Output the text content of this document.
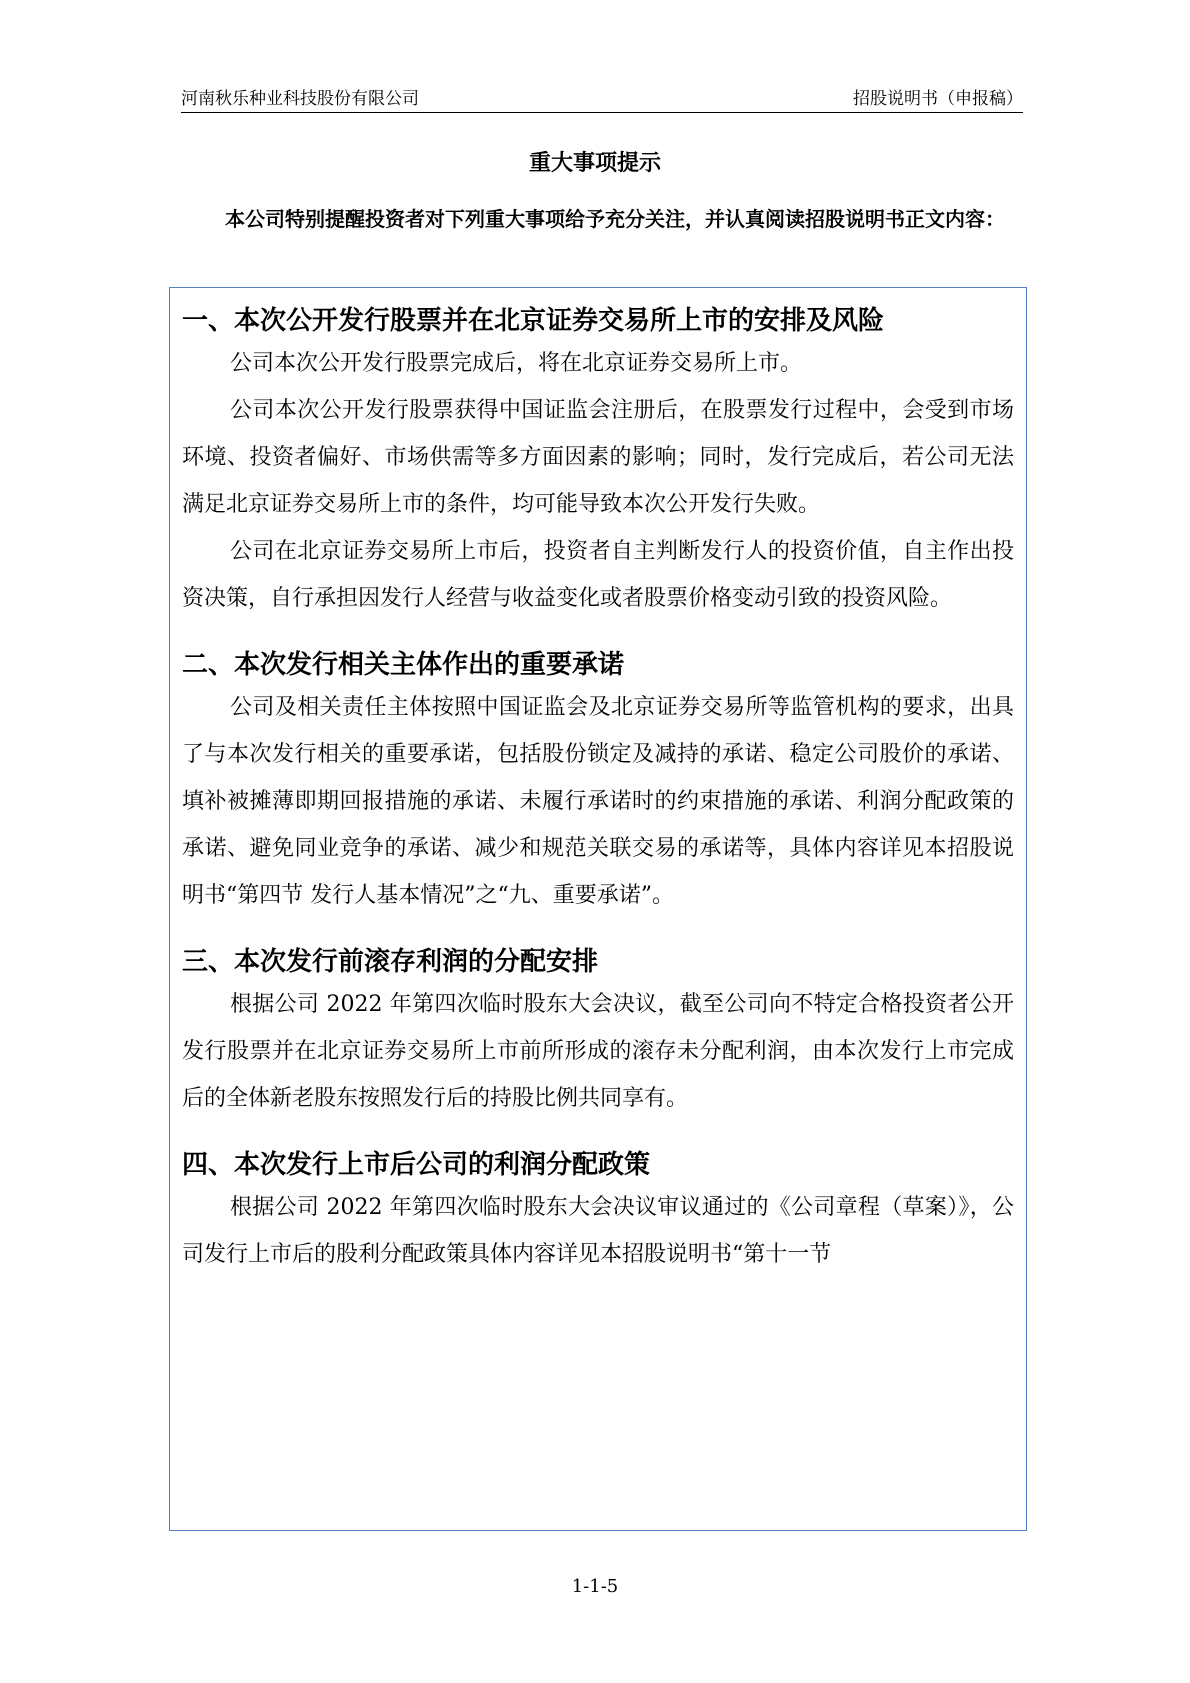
河南秋乐种业科技股份有限公司	招股说明书（申报稿）
重大事项提示
本公司特别提醒投资者对下列重大事项给予充分关注，并认真阅读招股说明书正文内容：
一、本次公开发行股票并在北京证券交易所上市的安排及风险

公司本次公开发行股票完成后，将在北京证券交易所上市。

公司本次公开发行股票获得中国证监会注册后，在股票发行过程中，会受到市场环境、投资者偏好、市场供需等多方面因素的影响；同时，发行完成后，若公司无法满足北京证券交易所上市的条件，均可能导致本次公开发行失败。

公司在北京证券交易所上市后，投资者自主判断发行人的投资价值，自主作出投资决策，自行承担因发行人经营与收益变化或者股票价格变动引致的投资风险。

二、本次发行相关主体作出的重要承诺

公司及相关责任主体按照中国证监会及北京证券交易所等监管机构的要求，出具了与本次发行相关的重要承诺，包括股份锁定及减持的承诺、稳定公司股价的承诺、填补被摊薄即期回报措施的承诺、未履行承诺时的约束措施的承诺、利润分配政策的承诺、避免同业竞争的承诺、减少和规范关联交易的承诺等，具体内容详见本招股说明书“第四节 发行人基本情况”之“九、重要承诺”。

三、本次发行前滚存利润的分配安排

根据公司 2022 年第四次临时股东大会决议，截至公司向不特定合格投资者公开发行股票并在北京证券交易所上市前所形成的滚存未分配利润，由本次发行上市完成后的全体新老股东按照发行后的持股比例共同享有。

四、本次发行上市后公司的利润分配政策

根据公司 2022 年第四次临时股东大会决议审议通过的《公司章程（草案）》，公司发行上市后的股利分配政策具体内容详见本招股说明书“第十一节

1-1-5
